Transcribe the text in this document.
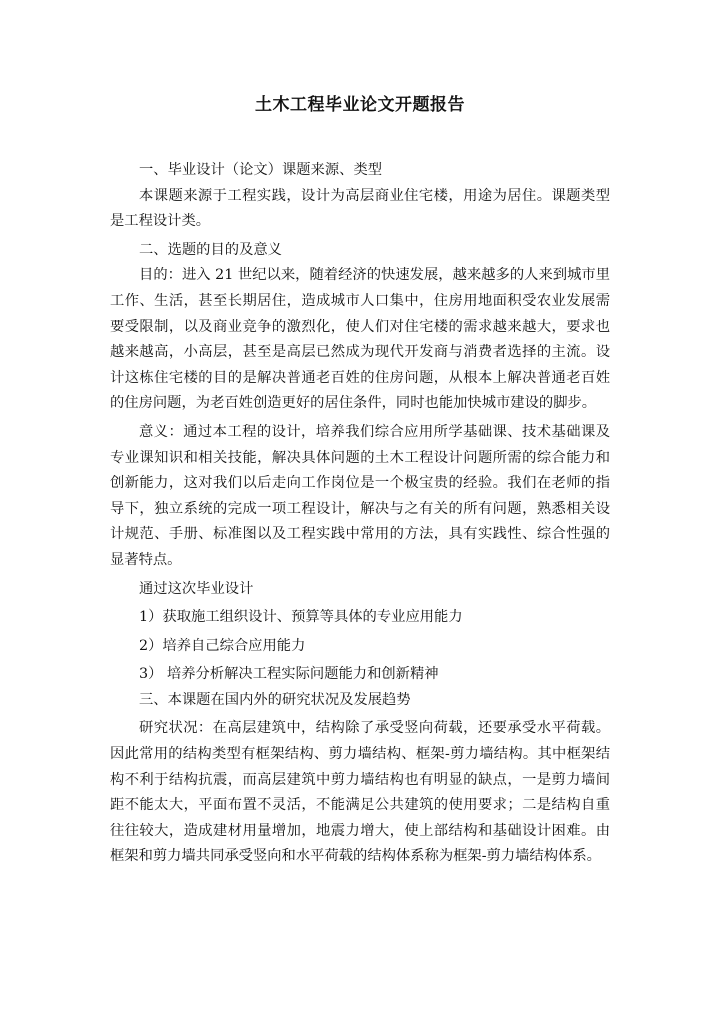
土木工程毕业论文开题报告

一、毕业设计（论文）课题来源、类型

本课题来源于工程实践，设计为高层商业住宅楼，用途为居住。课题类型是工程设计类。

二、选题的目的及意义

目的：进入 21 世纪以来，随着经济的快速发展，越来越多的人来到城市里工作、生活，甚至长期居住，造成城市人口集中，住房用地面积受农业发展需要受限制，以及商业竞争的激烈化，使人们对住宅楼的需求越来越大，要求也越来越高，小高层，甚至是高层已然成为现代开发商与消费者选择的主流。设计这栋住宅楼的目的是解决普通老百姓的住房问题，从根本上解决普通老百姓的住房问题，为老百姓创造更好的居住条件，同时也能加快城市建设的脚步。

意义：通过本工程的设计，培养我们综合应用所学基础课、技术基础课及专业课知识和相关技能，解决具体问题的土木工程设计问题所需的综合能力和创新能力，这对我们以后走向工作岗位是一个极宝贵的经验。我们在老师的指导下，独立系统的完成一项工程设计，解决与之有关的所有问题，熟悉相关设计规范、手册、标准图以及工程实践中常用的方法，具有实践性、综合性强的显著特点。

通过这次毕业设计

1）获取施工组织设计、预算等具体的专业应用能力

2）培养自己综合应用能力

3） 培养分析解决工程实际问题能力和创新精神

三、本课题在国内外的研究状况及发展趋势

研究状况：在高层建筑中，结构除了承受竖向荷载，还要承受水平荷载。因此常用的结构类型有框架结构、剪力墙结构、框架-剪力墙结构。其中框架结构不利于结构抗震，而高层建筑中剪力墙结构也有明显的缺点，一是剪力墙间距不能太大，平面布置不灵活，不能满足公共建筑的使用要求；二是结构自重往往较大，造成建材用量增加，地震力增大，使上部结构和基础设计困难。由框架和剪力墙共同承受竖向和水平荷载的结构体系称为框架-剪力墙结构体系。
